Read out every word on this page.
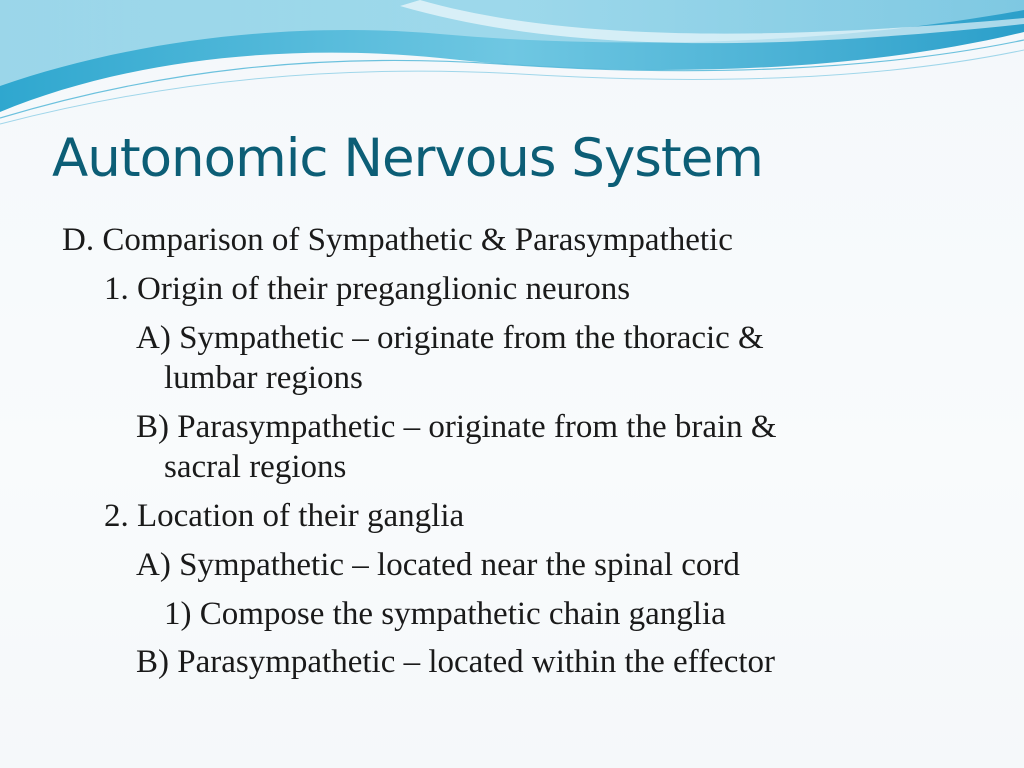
Autonomic Nervous System
D. Comparison of Sympathetic & Parasympathetic
1. Origin of their preganglionic neurons
A) Sympathetic – originate from the thoracic &
lumbar regions
B) Parasympathetic – originate from the brain &
sacral regions
2. Location of their ganglia
A) Sympathetic – located near the spinal cord
1) Compose the sympathetic chain ganglia
B) Parasympathetic – located within the effector
